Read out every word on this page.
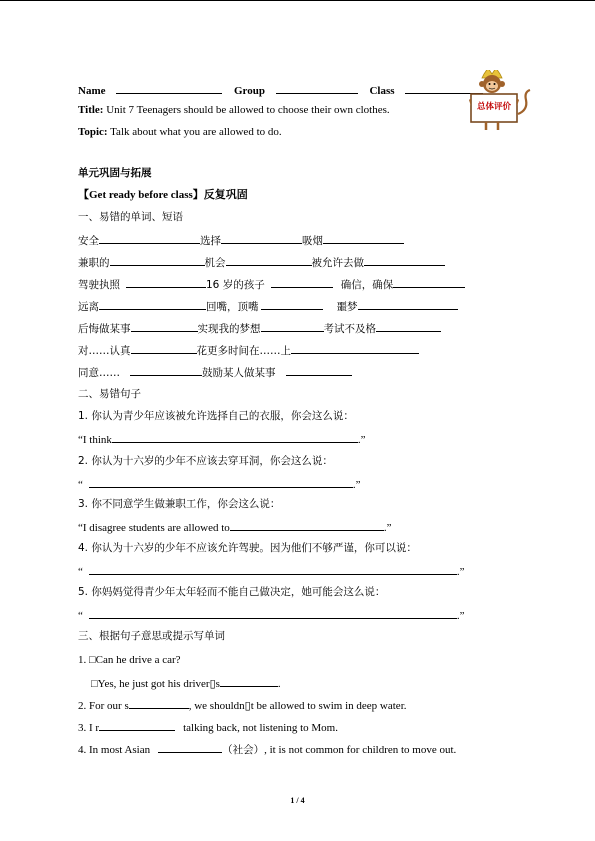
Name	Group	Class
Title: Unit 7 Teenagers should be allowed to choose their own clothes.
Topic: Talk about what you are allowed to do.
总体评价
单元巩固与拓展
【Get ready before class】反复巩固
一、易错的单词、短语
安全	选择	吸烟
兼职的	机会	被允许去做
驾驶执照	16 岁的孩子	确信，确保
远离	回嘴，顶嘴	噩梦
后悔做某事	实现我的梦想	考试不及格
对……认真	花更多时间在……上
同意……	鼓励某人做某事
二、易错句子
1. 你认为青少年应该被允许选择自己的衣服，你会这么说：
“I think	.”
2. 你认为十六岁的少年不应该去穿耳洞，你会这么说：
“	.”
3. 你不同意学生做兼职工作，你会这么说：
“I disagree students are allowed to	.”
4. 你认为十六岁的少年不应该允许驾驶。因为他们不够严谨，你可以说：
“	.”
5. 你妈妈觉得青少年太年轻而不能自己做决定，她可能会这么说：
“	.”
三、根据句子意思或提示写单词
1. □Can he drive a car?
□Yes, he just got his driver▯s	.
2. For our s	, we shouldn▯t be allowed to swim in deep water.
3. I r	talking back, not listening to Mom.
4. In most Asian	（社会）, it is not common for children to move out.
1 / 4
